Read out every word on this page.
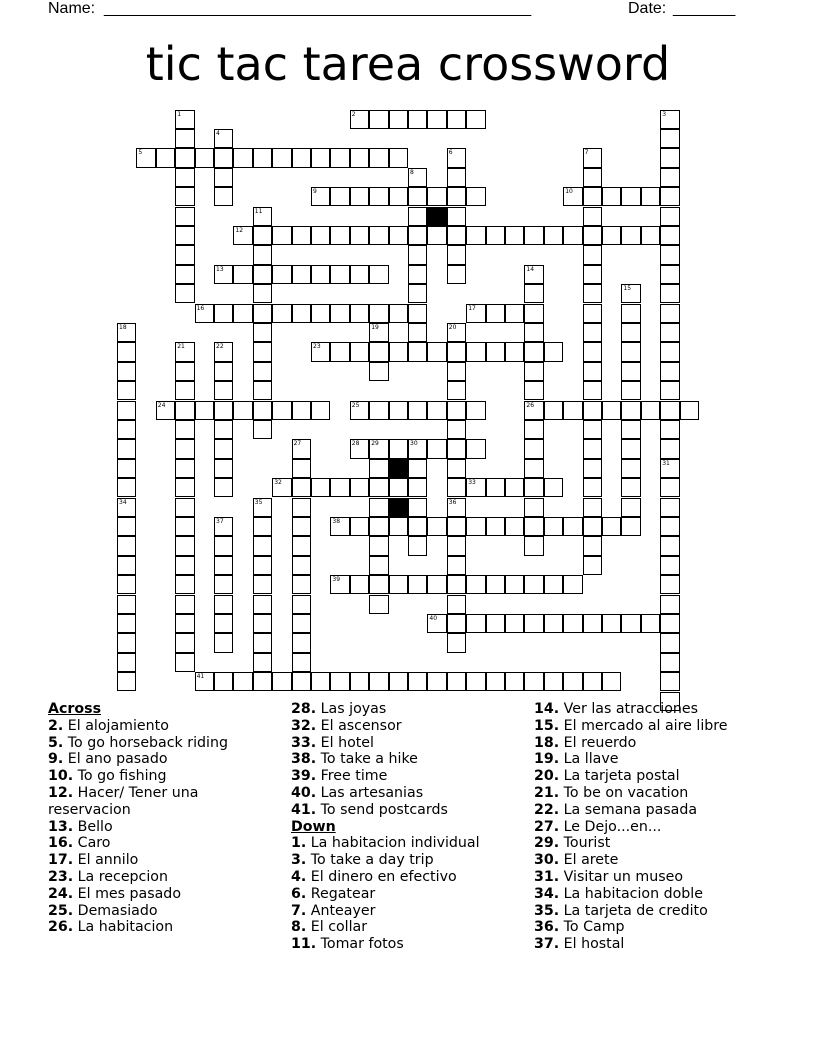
Name: ________________________________________________	Date: _______
tic tac tarea crossword
1	2	3
31
4
5	6	7
8
9	10
11
12
13	14
26
15
16	17
18	19	20
36
21	22	23
24	25
27	28 29	30
32	33
34	35
37	38
39
40
41
Across
2. El alojamiento
5. To go horseback riding
9. El ano pasado
10. To go fishing
12. Hacer/ Tener una reservacion
13. Bello
16. Caro
17. El annilo
23. La recepcion
24. El mes pasado
25. Demasiado
26. La habitacion
28. Las joyas
32. El ascensor
33. El hotel
38. To take a hike
39. Free time
40. Las artesanias
41. To send postcards
Down
1. La habitacion individual
3. To take a day trip
4. El dinero en efectivo
6. Regatear
7. Anteayer
8. El collar
11. Tomar fotos
14. Ver las atracciones
15. El mercado al aire libre
18. El reuerdo
19. La llave
20. La tarjeta postal
21. To be on vacation
22. La semana pasada
27. Le Dejo...en...
29. Tourist
30. El arete
31. Visitar un museo
34. La habitacion doble
35. La tarjeta de credito
36. To Camp
37. El hostal
